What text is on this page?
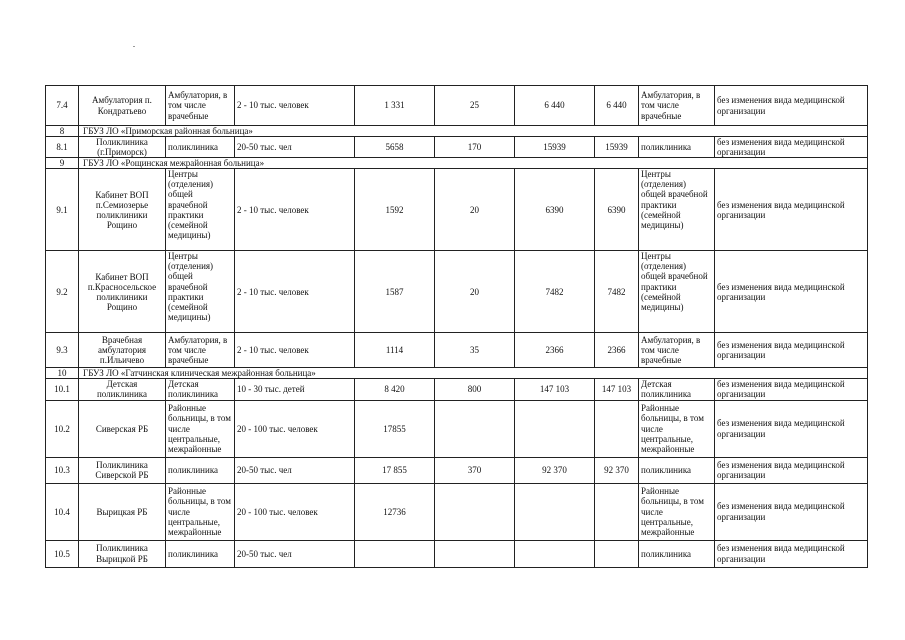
7.4	Амбулатория п. Кондратьево	Амбулатория, в том числе врачебные	2 - 10 тыс. человек	1 331	25	6 440	6 440	Амбулатория, в том числе врачебные	без изменения вида медицинской организации
8	ГБУЗ ЛО «Приморская районная больница»								
8.1	Поликлиника (г.Приморск)	поликлиника	20-50 тыс. чел	5658	170	15939	15939	поликлиника	без изменения вида медицинской организации
9	ГБУЗ ЛО «Рощинская межрайонная больница»								
9.1	Кабинет ВОП п.Семиозерье поликлиники Рощино	Центры (отделения) общей врачебной практики (семейной медицины)	2 - 10 тыс. человек	1592	20	6390	6390	Центры (отделения) общей врачебной практики (семейной медицины)	без изменения вида медицинской организации
9.2	Кабинет ВОП п.Красносельское поликлиники Рощино	Центры (отделения) общей врачебной практики (семейной медицины)	2 - 10 тыс. человек	1587	20	7482	7482	Центры (отделения) общей врачебной практики (семейной медицины)	без изменения вида медицинской организации
9.3	Врачебная амбулатория п.Ильичево	Амбулатория, в том числе врачебные	2 - 10 тыс. человек	1114	35	2366	2366	Амбулатория, в том числе врачебные	без изменения вида медицинской организации
10	ГБУЗ ЛО «Гатчинская клиническая межрайонная больница»								
10.1	Детская поликлиника	Детская поликлиника	10 - 30 тыс. детей	8 420	800	147 103	147 103	Детская поликлиника	без изменения вида медицинской организации
10.2	Сиверская РБ	Районные больницы, в том числе центральные, межрайонные	20 - 100 тыс. человек	17855				Районные больницы, в том числе центральные, межрайонные	без изменения вида медицинской организации
10.3	Поликлиника Сиверской РБ	поликлиника	20-50 тыс. чел	17 855	370	92 370	92 370	поликлиника	без изменения вида медицинской организации
10.4	Вырицкая РБ	Районные больницы, в том числе центральные, межрайонные	20 - 100 тыс. человек	12736				Районные больницы, в том числе центральные, межрайонные	без изменения вида медицинской организации
10.5	Поликлиника Вырицкой РБ	поликлиника	20-50 тыс. чел					поликлиника	без изменения вида медицинской организации
